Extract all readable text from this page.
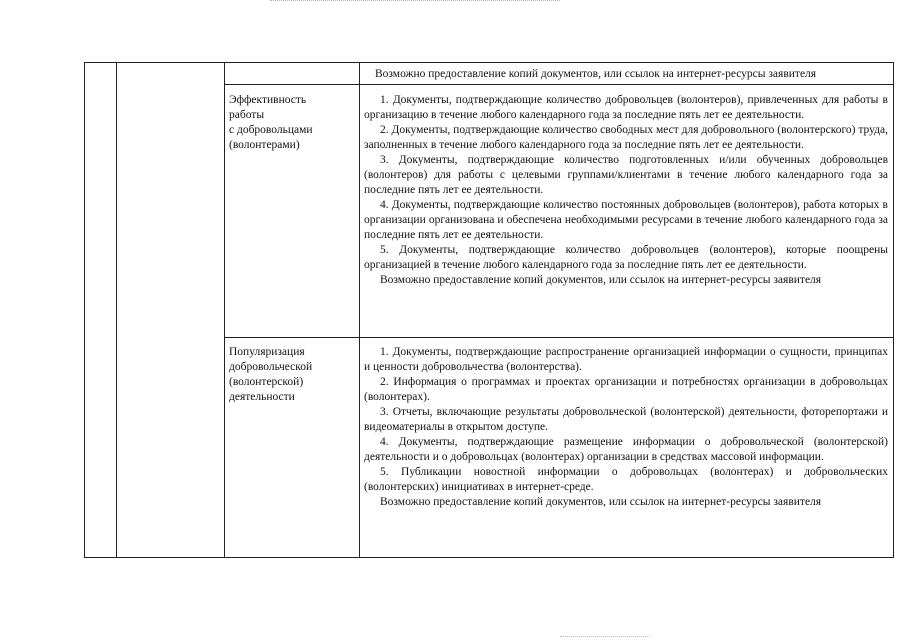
Возможно предоставление копий документов, или ссылок на интернет-ресурсы заявителя
Эффективность
работы
с добровольцами
(волонтерами)

1. Документы, подтверждающие количество добровольцев (волонтеров), привлеченных для работы в организацию в течение любого календарного года за последние пять лет ее деятельности.

2. Документы, подтверждающие количество свободных мест для добровольного (волонтерского) труда, заполненных в течение любого календарного года за последние пять лет ее деятельности.

3. Документы, подтверждающие количество подготовленных и/или обученных добровольцев (волонтеров) для работы с целевыми группами/клиентами в течение любого календарного года за последние пять лет ее деятельности.

4. Документы, подтверждающие количество постоянных добровольцев (волонтеров), работа которых в организации организована и обеспечена необходимыми ресурсами в течение любого календарного года за последние пять лет ее деятельности.

5. Документы, подтверждающие количество добровольцев (волонтеров), которые поощрены организацией в течение любого календарного года за последние пять лет ее деятельности.

Возможно предоставление копий документов, или ссылок на интернет-ресурсы заявителя

Популяризация
добровольческой
(волонтерской)
деятельности

1. Документы, подтверждающие распространение организацией информации о сущности, принципах и ценности добровольчества (волонтерства).

2. Информация о программах и проектах организации и потребностях организации в добровольцах (волонтерах).

3. Отчеты, включающие результаты добровольческой (волонтерской) деятельности, фоторепортажи и видеоматериалы в открытом доступе.

4. Документы, подтверждающие размещение информации о добровольческой (волонтерской) деятельности и о добровольцах (волонтерах) организации в средствах массовой информации.

5. Публикации новостной информации о добровольцах (волонтерах) и добровольческих (волонтерских) инициативах в интернет-среде.

Возможно предоставление копий документов, или ссылок на интернет-ресурсы заявителя
